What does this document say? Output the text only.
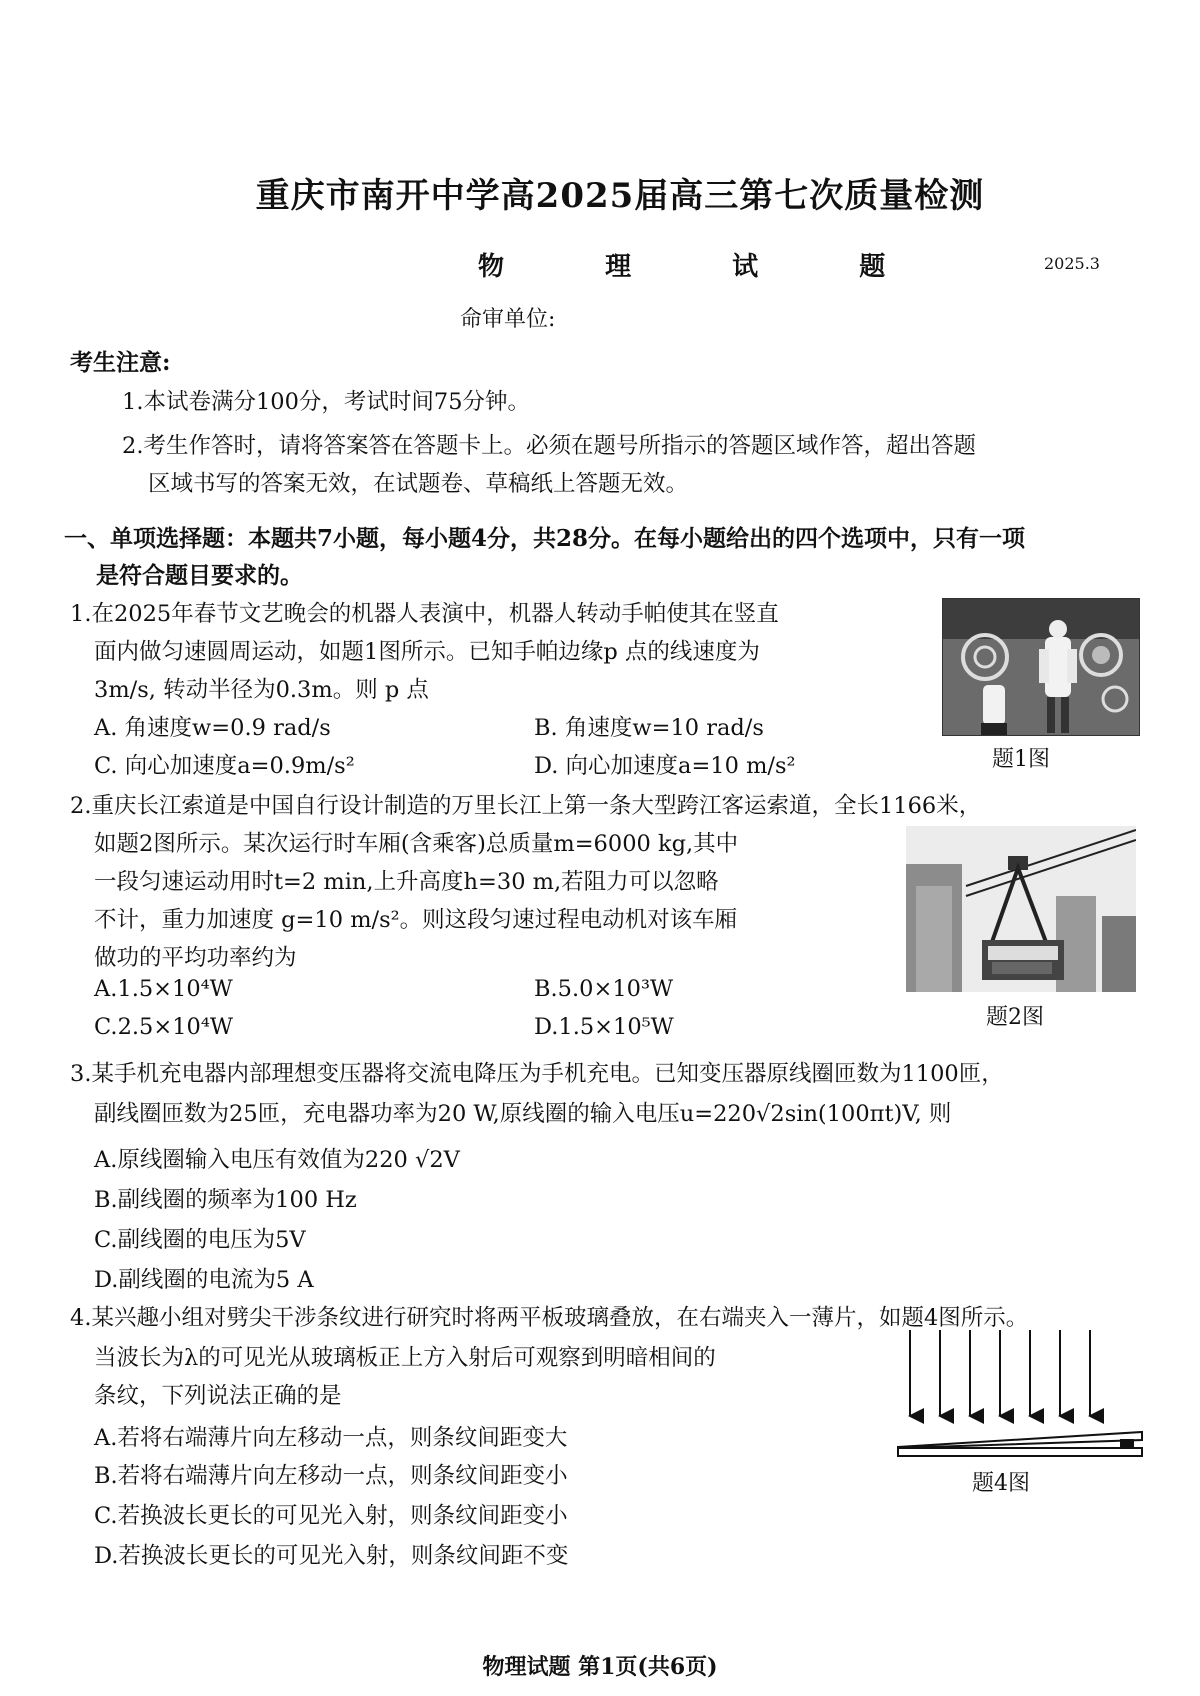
重庆市南开中学高2025届高三第七次质量检测
物	理	试	题	2025.3
命审单位:
考生注意:
1.本试卷满分100分，考试时间75分钟。
2.考生作答时，请将答案答在答题卡上。必须在题号所指示的答题区域作答，超出答题
区域书写的答案无效，在试题卷、草稿纸上答题无效。
一、单项选择题：本题共7小题，每小题4分，共28分。在每小题给出的四个选项中，只有一项
是符合题目要求的。
1.在2025年春节文艺晚会的机器人表演中，机器人转动手帕使其在竖直
面内做匀速圆周运动，如题1图所示。已知手帕边缘p 点的线速度为
3m/s, 转动半径为0.3m。则 p 点
A. 角速度w=0.9 rad/s	B. 角速度w=10 rad/s
C. 向心加速度a=0.9m/s²	D. 向心加速度a=10 m/s²	题1图
2.重庆长江索道是中国自行设计制造的万里长江上第一条大型跨江客运索道，全长1166米，
如题2图所示。某次运行时车厢(含乘客)总质量m=6000 kg,其中
一段匀速运动用时t=2 min,上升高度h=30 m,若阻力可以忽略
不计，重力加速度 g=10 m/s²。则这段匀速过程电动机对该车厢
做功的平均功率约为
A.1.5×10⁴W	B.5.0×10³W
C.2.5×10⁴W	D.1.5×10⁵W	题2图
3.某手机充电器内部理想变压器将交流电降压为手机充电。已知变压器原线圈匝数为1100匝，
副线圈匝数为25匝，充电器功率为20 W,原线圈的输入电压u=220√2sin(100πt)V, 则
A.原线圈输入电压有效值为220 √2V
B.副线圈的频率为100 Hz
C.副线圈的电压为5V
D.副线圈的电流为5 A
4.某兴趣小组对劈尖干涉条纹进行研究时将两平板玻璃叠放，在右端夹入一薄片，如题4图所示。
当波长为λ的可见光从玻璃板正上方入射后可观察到明暗相间的
条纹，下列说法正确的是
A.若将右端薄片向左移动一点，则条纹间距变大
B.若将右端薄片向左移动一点，则条纹间距变小
C.若换波长更长的可见光入射，则条纹间距变小
D.若换波长更长的可见光入射，则条纹间距不变
题4图
物理试题 第1页(共6页)
